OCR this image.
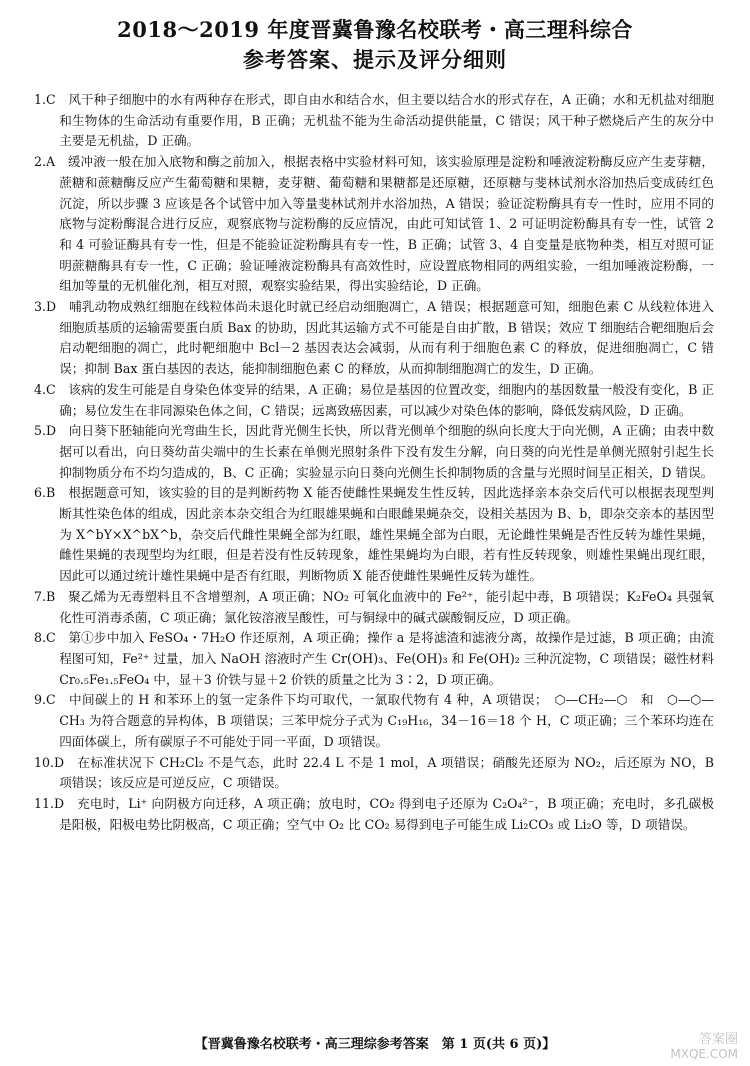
2018～2019 年度晋冀鲁豫名校联考・高三理科综合
参考答案、提示及评分细则

1.C　风干种子细胞中的水有两种存在形式，即自由水和结合水，但主要以结合水的形式存在，A 正确；水和无机盐对细胞和生物体的生命活动有重要作用，B 正确；无机盐不能为生命活动提供能量，C 错误；风干种子燃烧后产生的灰分中主要是无机盐，D 正确。

2.A　缓冲液一般在加入底物和酶之前加入，根据表格中实验材料可知，该实验原理是淀粉和唾液淀粉酶反应产生麦芽糖，蔗糖和蔗糖酶反应产生葡萄糖和果糖，麦芽糖、葡萄糖和果糖都是还原糖，还原糖与斐林试剂水浴加热后变成砖红色沉淀，所以步骤 3 应该是各个试管中加入等量斐林试剂并水浴加热，A 错误；验证淀粉酶具有专一性时，应用不同的底物与淀粉酶混合进行反应，观察底物与淀粉酶的反应情况，由此可知试管 1、2 可证明淀粉酶具有专一性，试管 2 和 4 可验证酶具有专一性，但是不能验证淀粉酶具有专一性，B 正确；试管 3、4 自变量是底物种类，相互对照可证明蔗糖酶具有专一性，C 正确；验证唾液淀粉酶具有高效性时，应设置底物相同的两组实验，一组加唾液淀粉酶，一组加等量的无机催化剂，相互对照，观察实验结果，得出实验结论，D 正确。

3.D　哺乳动物成熟红细胞在线粒体尚未退化时就已经启动细胞凋亡，A 错误；根据题意可知，细胞色素 C 从线粒体进入细胞质基质的运输需要蛋白质 Bax 的协助，因此其运输方式不可能是自由扩散，B 错误；效应 T 细胞结合靶细胞后会启动靶细胞的凋亡，此时靶细胞中 Bcl－2 基因表达会减弱，从而有利于细胞色素 C 的释放，促进细胞凋亡，C 错误；抑制 Bax 蛋白基因的表达，能抑制细胞色素 C 的释放，从而抑制细胞凋亡的发生，D 正确。

4.C　该病的发生可能是自身染色体变异的结果，A 正确；易位是基因的位置改变，细胞内的基因数量一般没有变化，B 正确；易位发生在非同源染色体之间，C 错误；远离致癌因素，可以减少对染色体的影响，降低发病风险，D 正确。

5.D　向日葵下胚轴能向光弯曲生长，因此背光侧生长快，所以背光侧单个细胞的纵向长度大于向光侧，A 正确；由表中数据可以看出，向日葵幼苗尖端中的生长素在单侧光照射条件下没有发生分解，向日葵的向光性是单侧光照射引起生长抑制物质分布不均匀造成的，B、C 正确；实验显示向日葵向光侧生长抑制物质的含量与光照时间呈正相关，D 错误。

6.B　根据题意可知，该实验的目的是判断药物 X 能否使雌性果蝇发生性反转，因此选择亲本杂交后代可以根据表现型判断其性染色体的组成，因此亲本杂交组合为红眼雄果蝇和白眼雌果蝇杂交，设相关基因为 B、b，即杂交亲本的基因型为 X^bY×X^bX^b，杂交后代雌性果蝇全部为红眼，雄性果蝇全部为白眼，无论雌性果蝇是否性反转为雄性果蝇，雌性果蝇的表现型均为红眼，但是若没有性反转现象，雄性果蝇均为白眼，若有性反转现象，则雄性果蝇出现红眼，因此可以通过统计雄性果蝇中是否有红眼，判断物质 X 能否使雌性果蝇性反转为雄性。

7.B　聚乙烯为无毒塑料且不含增塑剂，A 项正确；NO₂ 可氧化血液中的 Fe²⁺，能引起中毒，B 项错误；K₂FeO₄ 具强氧化性可消毒杀菌，C 项正确；氯化铵溶液呈酸性，可与铜绿中的碱式碳酸铜反应，D 项正确。

8.C　第①步中加入 FeSO₄・7H₂O 作还原剂，A 项正确；操作 a 是将滤渣和滤液分离，故操作是过滤，B 项正确；由流程图可知，Fe²⁺ 过量，加入 NaOH 溶液时产生 Cr(OH)₃、Fe(OH)₃ 和 Fe(OH)₂ 三种沉淀物，C 项错误；磁性材料 Cr₀.₅Fe₁.₅FeO₄ 中，显＋3 价铁与显＋2 价铁的质量之比为 3∶2，D 项正确。

9.C　中间碳上的 H 和苯环上的氢一定条件下均可取代，一氯取代物有 4 种，A 项错误；　⬡—CH₂—⬡　和　⬡—⬡—CH₃ 为符合题意的异构体，B 项错误；三苯甲烷分子式为 C₁₉H₁₆，34－16＝18 个 H，C 项正确；三个苯环均连在四面体碳上，所有碳原子不可能处于同一平面，D 项错误。

10.D　在标准状况下 CH₂Cl₂ 不是气态，此时 22.4 L 不是 1 mol，A 项错误；硝酸先还原为 NO₂，后还原为 NO，B 项错误；该反应是可逆反应，C 项错误。

11.D　充电时，Li⁺ 向阴极方向迁移，A 项正确；放电时，CO₂ 得到电子还原为 C₂O₄²⁻，B 项正确；充电时，多孔碳极是阳极，阳极电势比阴极高，C 项正确；空气中 O₂ 比 CO₂ 易得到电子可能生成 Li₂CO₃ 或 Li₂O 等，D 项错误。

【晋冀鲁豫名校联考・高三理综参考答案　第 1 页(共 6 页)】	答案圈
MXQE.COM
